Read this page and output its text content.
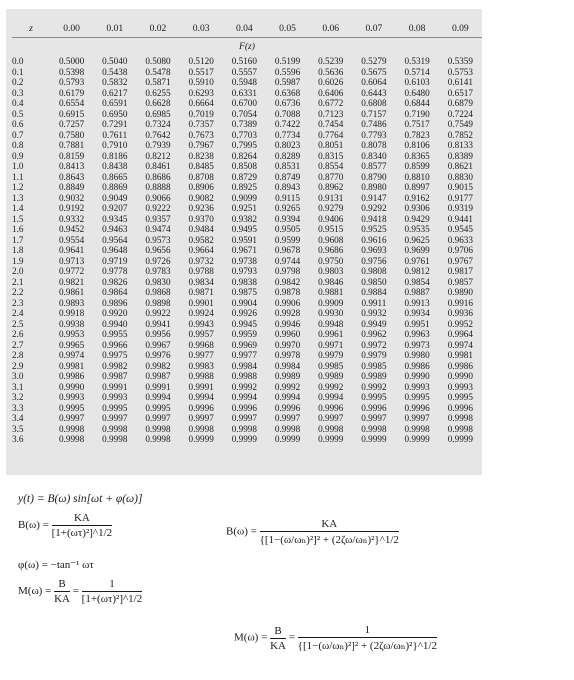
z	0.00	0.01	0.02	0.03	0.04	0.05	0.06	0.07	0.08	0.09
F(z)										
0.0	0.5000	0.5040	0.5080	0.5120	0.5160	0.5199	0.5239	0.5279	0.5319	0.5359
0.1	0.5398	0.5438	0.5478	0.5517	0.5557	0.5596	0.5636	0.5675	0.5714	0.5753
0.2	0.5793	0.5832	0.5871	0.5910	0.5948	0.5987	0.6026	0.6064	0.6103	0.6141
0.3	0.6179	0.6217	0.6255	0.6293	0.6331	0.6368	0.6406	0.6443	0.6480	0.6517
0.4	0.6554	0.6591	0.6628	0.6664	0.6700	0.6736	0.6772	0.6808	0.6844	0.6879
0.5	0.6915	0.6950	0.6985	0.7019	0.7054	0.7088	0.7123	0.7157	0.7190	0.7224
0.6	0.7257	0.7291	0.7324	0.7357	0.7389	0.7422	0.7454	0.7486	0.7517	0.7549
0.7	0.7580	0.7611	0.7642	0.7673	0.7703	0.7734	0.7764	0.7793	0.7823	0.7852
0.8	0.7881	0.7910	0.7939	0.7967	0.7995	0.8023	0.8051	0.8078	0.8106	0.8133
0.9	0.8159	0.8186	0.8212	0.8238	0.8264	0.8289	0.8315	0.8340	0.8365	0.8389
1.0	0.8413	0.8438	0.8461	0.8485	0.8508	0.8531	0.8554	0.8577	0.8599	0.8621
1.1	0.8643	0.8665	0.8686	0.8708	0.8729	0.8749	0.8770	0.8790	0.8810	0.8830
1.2	0.8849	0.8869	0.8888	0.8906	0.8925	0.8943	0.8962	0.8980	0.8997	0.9015
1.3	0.9032	0.9049	0.9066	0.9082	0.9099	0.9115	0.9131	0.9147	0.9162	0.9177
1.4	0.9192	0.9207	0.9222	0.9236	0.9251	0.9265	0.9279	0.9292	0.9306	0.9319
1.5	0.9332	0.9345	0.9357	0.9370	0.9382	0.9394	0.9406	0.9418	0.9429	0.9441
1.6	0.9452	0.9463	0.9474	0.9484	0.9495	0.9505	0.9515	0.9525	0.9535	0.9545
1.7	0.9554	0.9564	0.9573	0.9582	0.9591	0.9599	0.9608	0.9616	0.9625	0.9633
1.8	0.9641	0.9648	0.9656	0.9664	0.9671	0.9678	0.9686	0.9693	0.9699	0.9706
1.9	0.9713	0.9719	0.9726	0.9732	0.9738	0.9744	0.9750	0.9756	0.9761	0.9767
2.0	0.9772	0.9778	0.9783	0.9788	0.9793	0.9798	0.9803	0.9808	0.9812	0.9817
2.1	0.9821	0.9826	0.9830	0.9834	0.9838	0.9842	0.9846	0.9850	0.9854	0.9857
2.2	0.9861	0.9864	0.9868	0.9871	0.9875	0.9878	0.9881	0.9884	0.9887	0.9890
2.3	0.9893	0.9896	0.9898	0.9901	0.9904	0.9906	0.9909	0.9911	0.9913	0.9916
2.4	0.9918	0.9920	0.9922	0.9924	0.9926	0.9928	0.9930	0.9932	0.9934	0.9936
2.5	0.9938	0.9940	0.9941	0.9943	0.9945	0.9946	0.9948	0.9949	0.9951	0.9952
2.6	0.9953	0.9955	0.9956	0.9957	0.9959	0.9960	0.9961	0.9962	0.9963	0.9964
2.7	0.9965	0.9966	0.9967	0.9968	0.9969	0.9970	0.9971	0.9972	0.9973	0.9974
2.8	0.9974	0.9975	0.9976	0.9977	0.9977	0.9978	0.9979	0.9979	0.9980	0.9981
2.9	0.9981	0.9982	0.9982	0.9983	0.9984	0.9984	0.9985	0.9985	0.9986	0.9986
3.0	0.9986	0.9987	0.9987	0.9988	0.9988	0.9989	0.9989	0.9989	0.9990	0.9990
3.1	0.9990	0.9991	0.9991	0.9991	0.9992	0.9992	0.9992	0.9992	0.9993	0.9993
3.2	0.9993	0.9993	0.9994	0.9994	0.9994	0.9994	0.9994	0.9995	0.9995	0.9995
3.3	0.9995	0.9995	0.9995	0.9996	0.9996	0.9996	0.9996	0.9996	0.9996	0.9996
3.4	0.9997	0.9997	0.9997	0.9997	0.9997	0.9997	0.9997	0.9997	0.9997	0.9998
3.5	0.9998	0.9998	0.9998	0.9998	0.9998	0.9998	0.9998	0.9998	0.9998	0.9998
3.6	0.9998	0.9998	0.9998	0.9999	0.9999	0.9999	0.9999	0.9999	0.9999	0.9999
y(t) = B(ω) sin[ωt + φ(ω)]
$B(\omega) = \frac{KA}{\text{[1+(ωτ)²]\textasciicircum{}1/2}}$
φ(ω) = −tan⁻¹ ωτ
$M(\omega) = \frac{B}{KA} = \frac{1}{\text{[1+(ωτ)²]\textasciicircum{}1/2}}$
$B(\omega) = \frac{KA}{\text{\{[1−(ω/ωₙ)²]² + (2ζω/ωₙ)²\}\textasciicircum{}1/2}}$
$M(\omega) = \frac{B}{KA} = \frac{1}{\text{\{[1−(ω/ωₙ)²]² + (2ζω/ωₙ)²\}\textasciicircum{}1/2}}$
